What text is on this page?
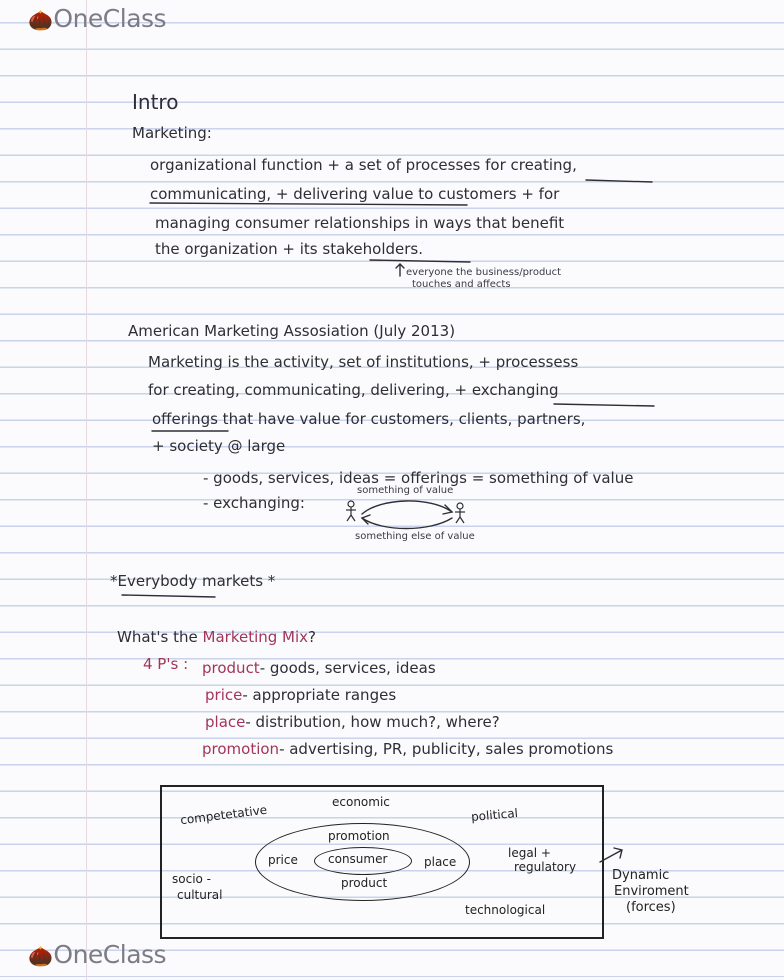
🌰OneClass
Intro
Marketing:
organizational function + a set of processes for creating,
communicating, + delivering value to customers + for
managing consumer relationships in ways that benefit
the organization + its stakeholders.
everyone the business/product
touches and affects
American Marketing Assosiation (July 2013)
Marketing is the activity, set of institutions, + processess
for creating, communicating, delivering, + exchanging
offerings that have value for customers, clients, partners,
+ society @ large
- goods, services, ideas = offerings = something of value
- exchanging:
something of value
something else of value
*Everybody markets *
What's the Marketing Mix?
4 P's : product- goods, services, ideas
price- appropriate ranges
place- distribution, how much?, where?
promotion- advertising, PR, publicity, sales promotions
competetative
economic
political
legal +
regulatory
socio -
cultural
technological
promotion
price	consumer	place
product	Dynamic
Enviroment
(forces)
🌰OneClass
